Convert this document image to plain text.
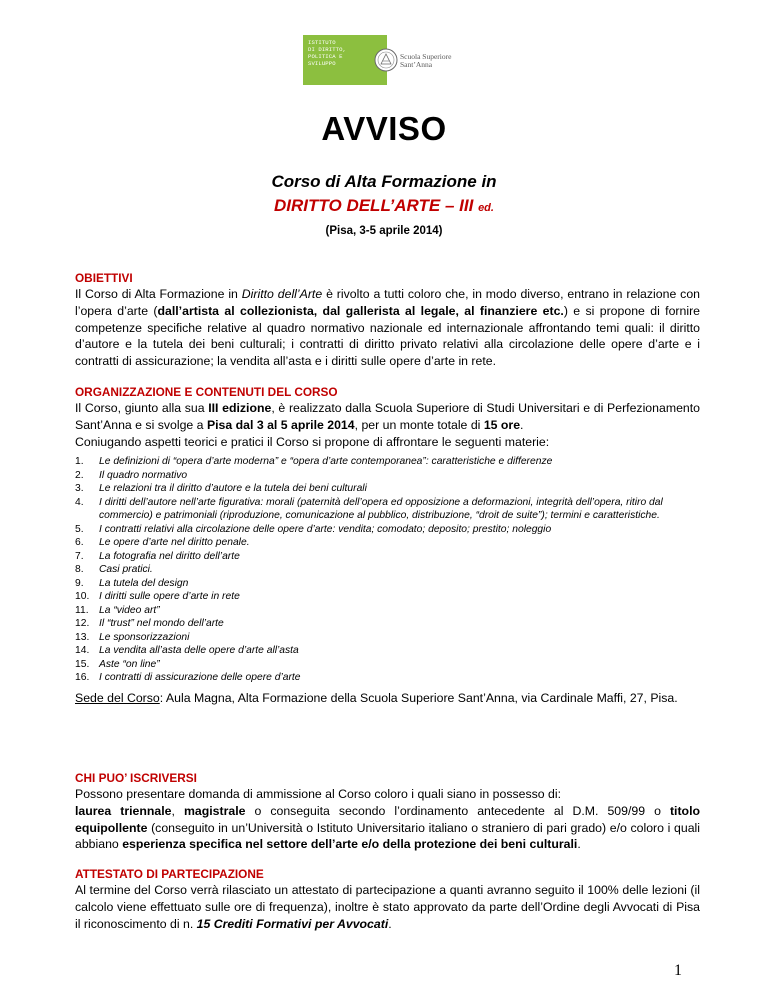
ISTITUTO
DI DIRITTO,
POLITICA E
SVILUPPO
Scuola Superiore
Sant’Anna
AVVISO
Corso di Alta Formazione in
DIRITTO DELL’ARTE – III ed.
(Pisa, 3-5 aprile 2014)
OBIETTIVI
Il Corso di Alta Formazione in Diritto dell’Arte è rivolto a tutti coloro che, in modo diverso, entrano in relazione con l’opera d’arte (dall’artista al collezionista, dal gallerista al legale, al finanziere etc.) e si propone di fornire competenze specifiche relative al quadro normativo nazionale ed internazionale affrontando temi quali: il diritto d’autore e la tutela dei beni culturali; i contratti di diritto privato relativi alla circolazione delle opere d’arte e i contratti di assicurazione; la vendita all’asta e i diritti sulle opere d’arte in rete.
ORGANIZZAZIONE E CONTENUTI DEL CORSO
Il Corso, giunto alla sua III edizione, è realizzato dalla Scuola Superiore di Studi Universitari e di Perfezionamento Sant’Anna e si svolge a Pisa dal 3 al 5 aprile 2014, per un monte totale di 15 ore.
Coniugando aspetti teorici e pratici il Corso si propone di affrontare le seguenti materie:
1.	Le definizioni di “opera d’arte moderna” e “opera d’arte contemporanea”: caratteristiche e differenze
2.	Il quadro normativo
3.	Le relazioni tra il diritto d’autore e la tutela dei beni culturali
4.	I diritti dell’autore nell’arte figurativa: morali (paternità dell’opera ed opposizione a deformazioni, integrità dell’opera, ritiro dal commercio) e patrimoniali (riproduzione, comunicazione al pubblico, distribuzione, “droit de suite”); termini e caratteristiche.
5.	I contratti relativi alla circolazione delle opere d’arte: vendita; comodato; deposito; prestito; noleggio
6.	Le opere d’arte nel diritto penale.
7.	La fotografia nel diritto dell’arte
8.	Casi pratici.
9.	La tutela del design
10. I diritti sulle opere d’arte in rete
11.	La “video art”
12. Il “trust” nel mondo dell’arte
13. Le sponsorizzazioni
14. La vendita all’asta delle opere d’arte all’asta
15. Aste “on line”
16. I contratti di assicurazione delle opere d’arte
Sede del Corso: Aula Magna, Alta Formazione della Scuola Superiore Sant’Anna, via Cardinale Maffi, 27, Pisa.
CHI PUO’ ISCRIVERSI
Possono presentare domanda di ammissione al Corso coloro i quali siano in possesso di:
laurea triennale, magistrale o conseguita secondo l’ordinamento antecedente al D.M. 509/99 o titolo equipollente (conseguito in un’Università o Istituto Universitario italiano o straniero di pari grado) e/o coloro i quali abbiano esperienza specifica nel settore dell’arte e/o della protezione dei beni culturali.
ATTESTATO DI PARTECIPAZIONE
Al termine del Corso verrà rilasciato un attestato di partecipazione a quanti avranno seguito il 100% delle lezioni (il calcolo viene effettuato sulle ore di frequenza), inoltre è stato approvato da parte dell’Ordine degli Avvocati di Pisa il riconoscimento di n. 15 Crediti Formativi per Avvocati.
1
